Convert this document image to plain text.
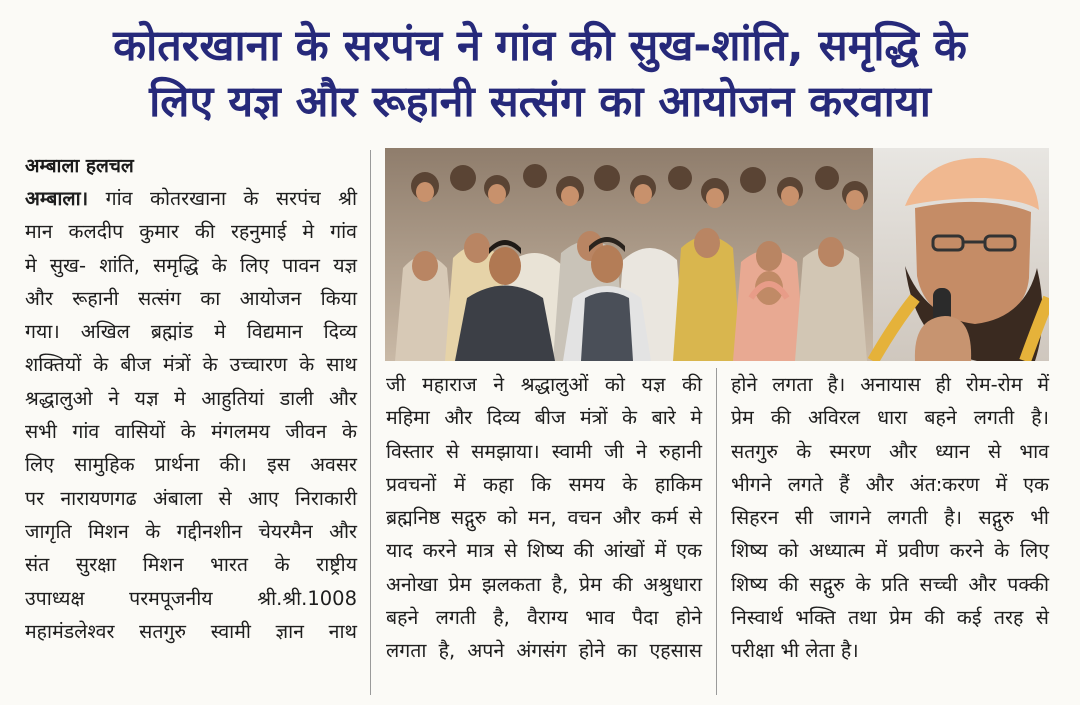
कोतरखाना के सरपंच ने गांव की सुख-शांति, समृद्धि के
लिए यज्ञ और रूहानी सत्संग का आयोजन करवाया
अम्बाला हलचल
अम्बाला। गांव कोतरखाना के सरपंच श्री
मान कलदीप कुमार की रहनुमाई मे गांव
मे सुख- शांति, समृद्धि के लिए पावन यज्ञ
और रूहानी सत्संग का आयोजन किया
गया। अखिल ब्रह्मांड मे विद्यमान दिव्य
शक्तियों के बीज मंत्रों के उच्चारण के साथ
श्रद्धालुओ ने यज्ञ मे आहुतियां डाली और
सभी गांव वासियों के मंगलमय जीवन के
लिए सामुहिक प्रार्थना की। इस अवसर
पर नारायणगढ अंबाला से आए निराकारी
जागृति मिशन के गद्दीनशीन चेयरमैन और
संत सुरक्षा मिशन भारत के राष्ट्रीय
उपाध्यक्ष परमपूजनीय श्री.श्री.1008
महामंडलेश्वर सतगुरु स्वामी ज्ञान नाथ
जी महाराज ने श्रद्धालुओं को यज्ञ की
महिमा और दिव्य बीज मंत्रों के बारे मे
विस्तार से समझाया। स्वामी जी ने रुहानी
प्रवचनों में कहा कि समय के हाकिम
ब्रह्मनिष्ठ सद्गुरु को मन, वचन और कर्म से
याद करने मात्र से शिष्य की आंखों में एक
अनोखा प्रेम झलकता है, प्रेम की अश्रुधारा
बहने लगती है, वैराग्य भाव पैदा होने
लगता है, अपने अंगसंग होने का एहसास
होने लगता है। अनायास ही रोम-रोम में
प्रेम की अविरल धारा बहने लगती है।
सतगुरु के स्मरण और ध्यान से भाव
भीगने लगते हैं और अंत:करण में एक
सिहरन सी जागने लगती है। सद्गुरु भी
शिष्य को अध्यात्म में प्रवीण करने के लिए
शिष्य की सद्गुरु के प्रति सच्ची और पक्की
निस्वार्थ भक्ति तथा प्रेम की कई तरह से
परीक्षा भी लेता है।
